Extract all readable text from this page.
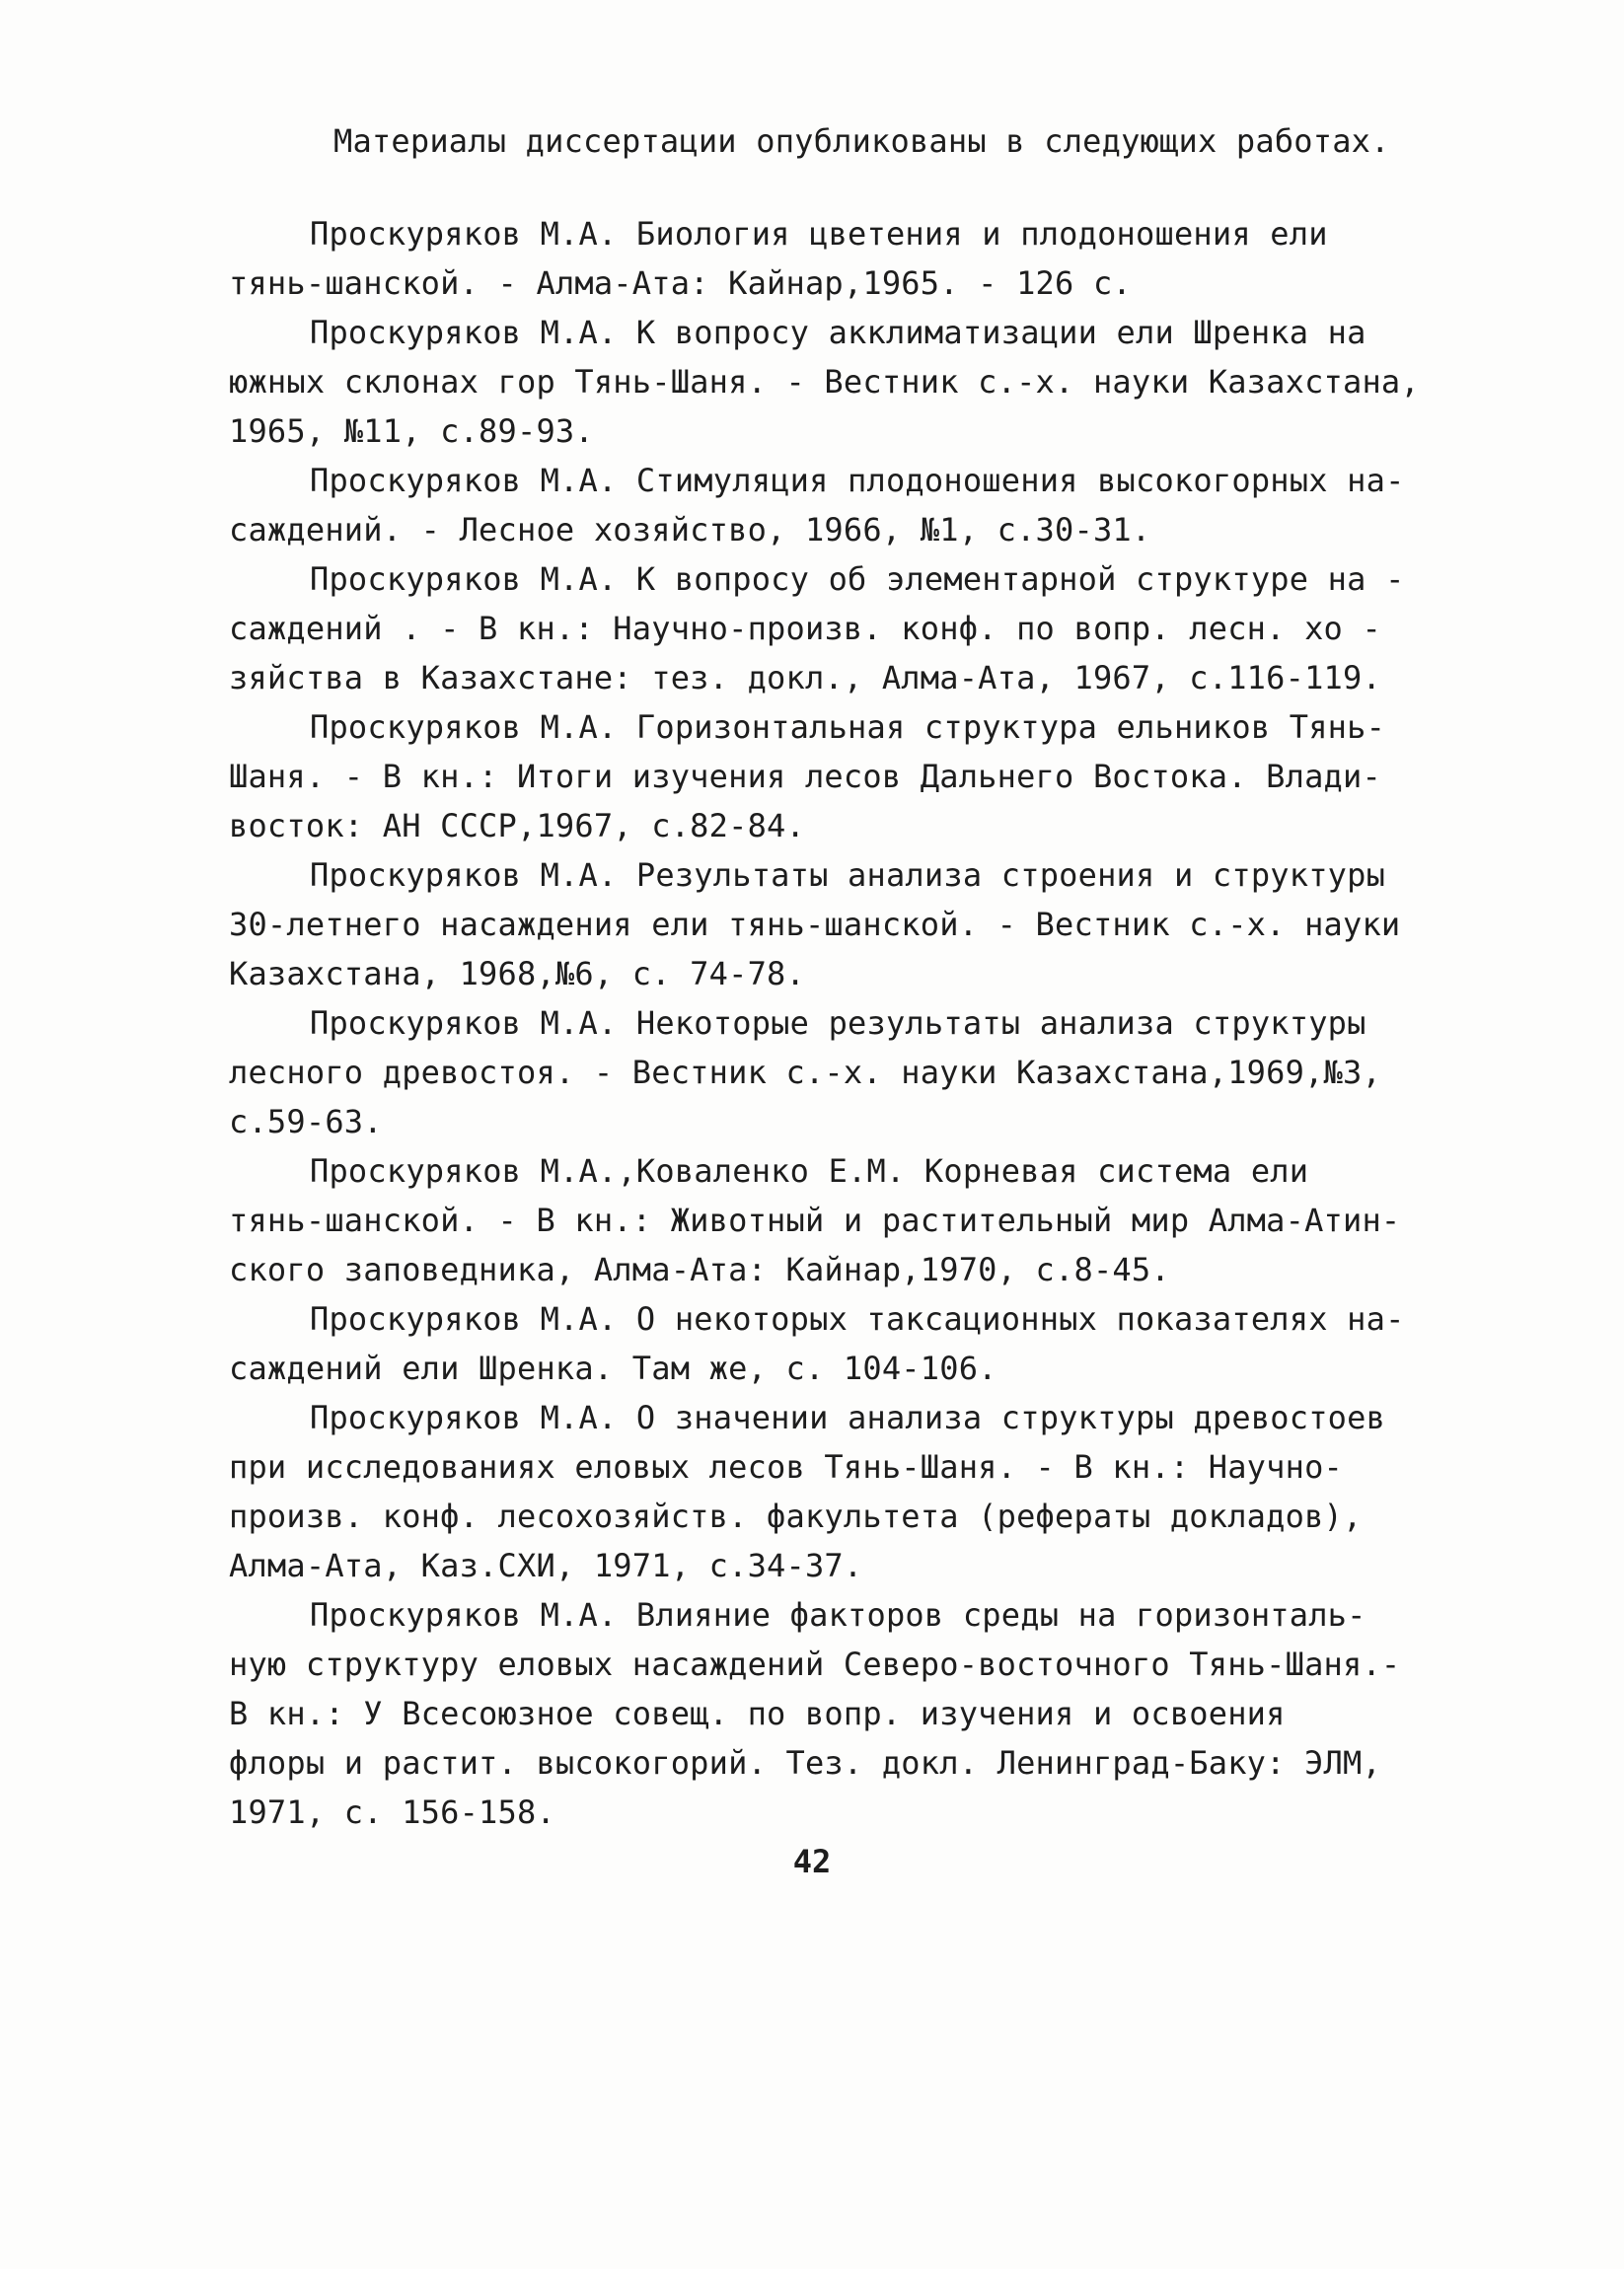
Материалы диссертации опубликованы в следующих работах.
Проскуряков М.А. Биология цветения и плодоношения ели
тянь-шанской. - Алма-Ата: Кайнар,1965. - 126 с.
Проскуряков М.А. К вопросу акклиматизации ели Шренка на
южных склонах гор Тянь-Шаня. - Вестник с.-х. науки Казахстана,
1965, №11, с.89-93.
Проскуряков М.А. Стимуляция плодоношения высокогорных на-
саждений. - Лесное хозяйство, 1966, №1, с.30-31.
Проскуряков М.А. К вопросу об элементарной структуре на -
саждений . - В кн.: Научно-произв. конф. по вопр. лесн. хо -
зяйства в Казахстане: тез. докл., Алма-Ата, 1967, с.116-119.
Проскуряков М.А. Горизонтальная структура ельников Тянь-
Шаня. - В кн.: Итоги изучения лесов Дальнего Востока. Влади-
восток: АН СССР,1967, с.82-84.
Проскуряков М.А. Результаты анализа строения и структуры
30-летнего насаждения ели тянь-шанской. - Вестник с.-х. науки
Казахстана, 1968,№6, с. 74-78.
Проскуряков М.А. Некоторые результаты анализа структуры
лесного древостоя. - Вестник с.-х. науки Казахстана,1969,№3,
с.59-63.
Проскуряков М.А.,Коваленко Е.М. Корневая система ели
тянь-шанской. - В кн.: Животный и растительный мир Алма-Атин-
ского заповедника, Алма-Ата: Кайнар,1970, с.8-45.
Проскуряков М.А. О некоторых таксационных показателях на-
саждений ели Шренка. Там же, с. 104-106.
Проскуряков М.А. О значении анализа структуры древостоев
при исследованиях еловых лесов Тянь-Шаня. - В кн.: Научно-
произв. конф. лесохозяйств. факультета (рефераты докладов),
Алма-Ата, Каз.СХИ, 1971, с.34-37.
Проскуряков М.А. Влияние факторов среды на горизонталь-
ную структуру еловых насаждений Северо-восточного Тянь-Шаня.-
В кн.: У Всесоюзное совещ. по вопр. изучения и освоения
флоры и растит. высокогорий. Тез. докл. Ленинград-Баку: ЭЛМ,
1971, с. 156-158.
42
